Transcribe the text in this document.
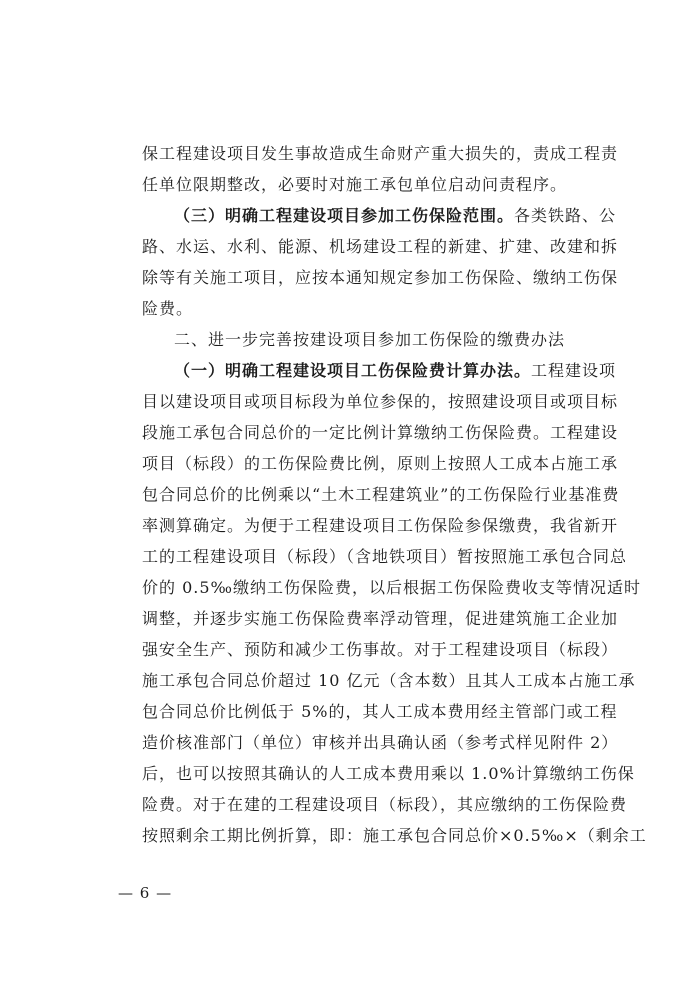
保工程建设项目发生事故造成生命财产重大损失的，责成工程责
任单位限期整改，必要时对施工承包单位启动问责程序。
（三）明确工程建设项目参加工伤保险范围。各类铁路、公
路、水运、水利、能源、机场建设工程的新建、扩建、改建和拆
除等有关施工项目，应按本通知规定参加工伤保险、缴纳工伤保
险费。
二、进一步完善按建设项目参加工伤保险的缴费办法
（一）明确工程建设项目工伤保险费计算办法。工程建设项
目以建设项目或项目标段为单位参保的，按照建设项目或项目标
段施工承包合同总价的一定比例计算缴纳工伤保险费。工程建设
项目（标段）的工伤保险费比例，原则上按照人工成本占施工承
包合同总价的比例乘以“土木工程建筑业”的工伤保险行业基准费
率测算确定。为便于工程建设项目工伤保险参保缴费，我省新开
工的工程建设项目（标段）（含地铁项目）暂按照施工承包合同总
价的 0.5‰缴纳工伤保险费，以后根据工伤保险费收支等情况适时
调整，并逐步实施工伤保险费率浮动管理，促进建筑施工企业加
强安全生产、预防和减少工伤事故。对于工程建设项目（标段）
施工承包合同总价超过 10 亿元（含本数）且其人工成本占施工承
包合同总价比例低于 5%的，其人工成本费用经主管部门或工程
造价核准部门（单位）审核并出具确认函（参考式样见附件 2）
后，也可以按照其确认的人工成本费用乘以 1.0%计算缴纳工伤保
险费。对于在建的工程建设项目（标段），其应缴纳的工伤保险费
按照剩余工期比例折算，即：施工承包合同总价×0.5‰×（剩余工
— 6 —
